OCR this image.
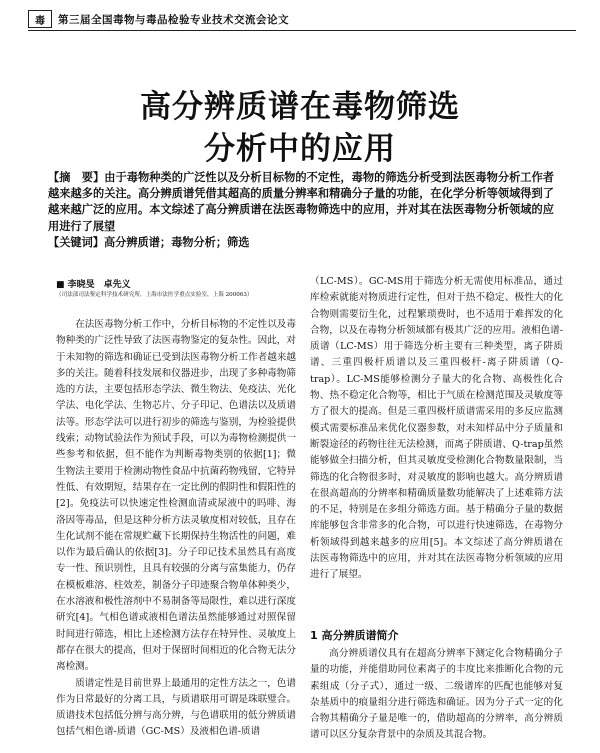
毒	第三届全国毒物与毒品检验专业技术交流会论文
高分辨质谱在毒物筛选
分析中的应用
【摘　要】由于毒物种类的广泛性以及分析目标物的不定性，毒物的筛选分析受到法医毒物分析工作者越来越多的关注。高分辨质谱凭借其超高的质量分辨率和精确分子量的功能，在化学分析等领域得到了越来越广泛的应用。本文综述了高分辨质谱在法医毒物筛选中的应用，并对其在法医毒物分析领域的应用进行了展望
【关键词】高分辨质谱；毒物分析；筛选
■ 李晓旻　卓先义
（司法部司法鉴定科学技术研究所，上海市法医学重点实验室，上海 200063）

在法医毒物分析工作中，分析目标物的不定性以及毒物种类的广泛性导致了法医毒物鉴定的复杂性。因此，对于未知物的筛选和确证已受到法医毒物分析工作者越来越多的关注。随着科技发展和仪器进步，出现了多种毒物筛选的方法，主要包括形态学法、微生物法、免疫法、光化学法、电化学法、生物芯片、分子印记、色谱法以及质谱法等。形态学法可以进行初步的筛选与鉴别，为检验提供线索；动物试验法作为预试手段，可以为毒物检测提供一些参考和依据，但不能作为判断毒物类别的依据[1]；微生物法主要用于检测动物性食品中抗菌药物残留，它特异性低、有效期短，结果存在一定比例的假阴性和假阳性的[2]。免疫法可以快速定性检测血清或尿液中的吗啡、海洛因等毒品，但是这种分析方法灵敏度相对较低，且存在生化试剂不能在常规贮藏下长期保持生物活性的问题，难以作为最后确认的依据[3]。分子印记技术虽然具有高度专一性、预识别性，且具有较强的分离与富集能力，仍存在模板难溶、柱效差，制备分子印迹聚合物单体种类少，在水溶液和极性溶剂中不易制备等局限性，难以进行深度研究[4]。气相色谱或液相色谱法虽然能够通过对照保留时间进行筛选，相比上述检测方法存在特异性、灵敏度上都存在很大的提高，但对于保留时间相近的化合物无法分离检测。

质谱定性是目前世界上最通用的定性方法之一，色谱作为日常最好的分离工具，与质谱联用可谓是珠联璧合。质谱技术包括低分辨与高分辨，与色谱联用的低分辨质谱包括气相色谱-质谱（GC-MS）及液相色谱-质谱

（LC-MS）。GC-MS用于筛选分析无需使用标准品，通过库检索就能对物质进行定性，但对于热不稳定、极性大的化合物则需要衍生化，过程繁琐费时，也不适用于难挥发的化合物，以及在毒物分析领域都有极其广泛的应用。液相色谱-质谱（LC-MS）用于筛选分析主要有三种类型，离子阱质谱、三重四极杆质谱以及三重四极杆-离子阱质谱（Q-trap）。LC-MS能够检测分子量大的化合物、高极性化合物、热不稳定化合物等，相比于气质在检测范围及灵敏度等方了很大的提高。但是三重四极杆质谱需采用的多反应监测模式需要标准品来优化仪器参数，对未知样品中分子质量和断裂途径的药物往往无法检测，而离子阱质谱、Q-trap虽然能够做全扫描分析，但其灵敏度受检测化合物数量限制，当筛选的化合物很多时，对灵敏度的影响也越大。高分辨质谱在很高超高的分辨率和精确质量数功能解决了上述难筛方法的不足，特别是在多组分筛选方面。基于精确分子量的数据库能够包含非常多的化合物，可以进行快速筛选，在毒物分析领域得到越来越多的应用[5]。本文综述了高分辨质谱在法医毒物筛选中的应用，并对其在法医毒物分析领域的应用进行了展望。

1 高分辨质谱简介

高分辨质谱仪具有在超高分辨率下测定化合物精确分子量的功能，并能借助同位素离子的丰度比来推断化合物的元素组成（分子式），通过一级、二级谱库的匹配也能够对复杂基质中的痕量组分进行筛选和确证。因为分子式一定的化合物其精确分子量是唯一的，借助超高的分辨率，高分辨质谱可以区分复杂背景中的杂质及其混合物。
